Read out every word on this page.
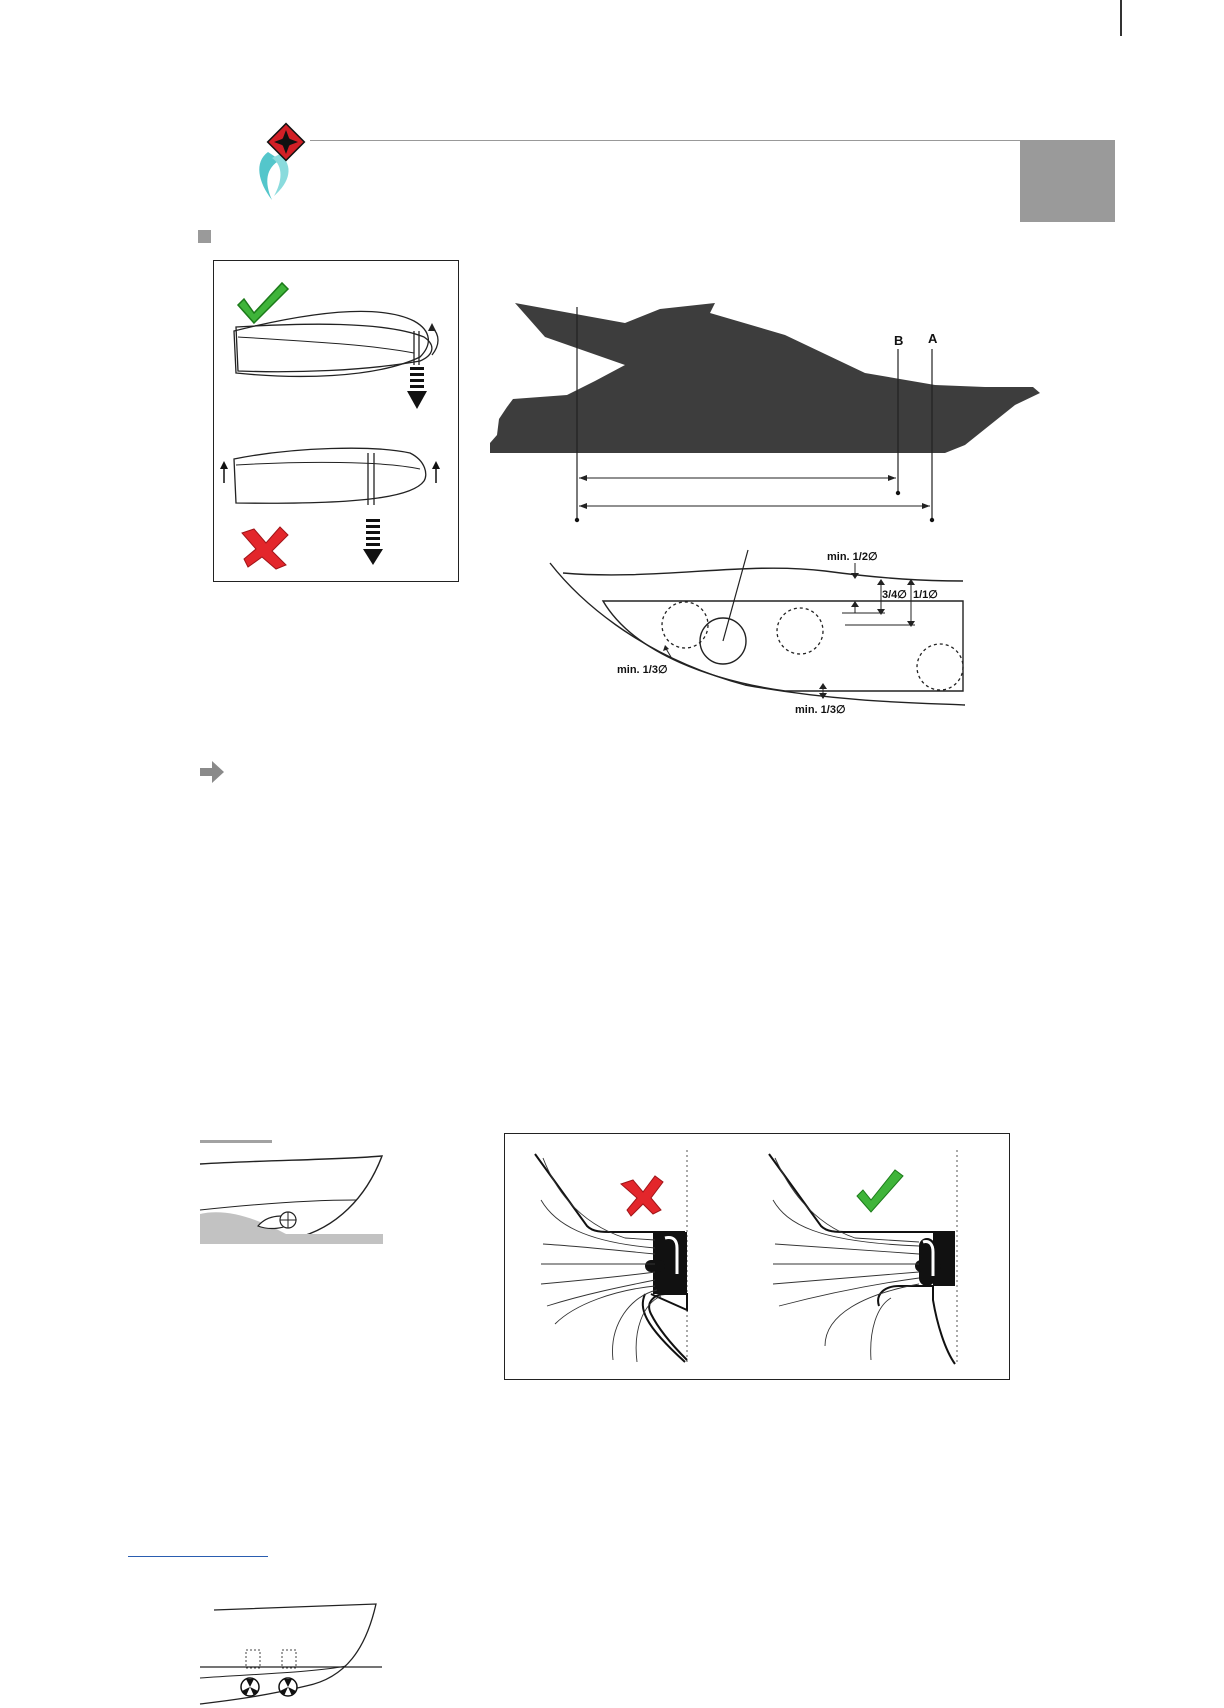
B A
min. 1/2∅
3/4∅ 1/1∅
min. 1/3∅
min. 1/3∅
